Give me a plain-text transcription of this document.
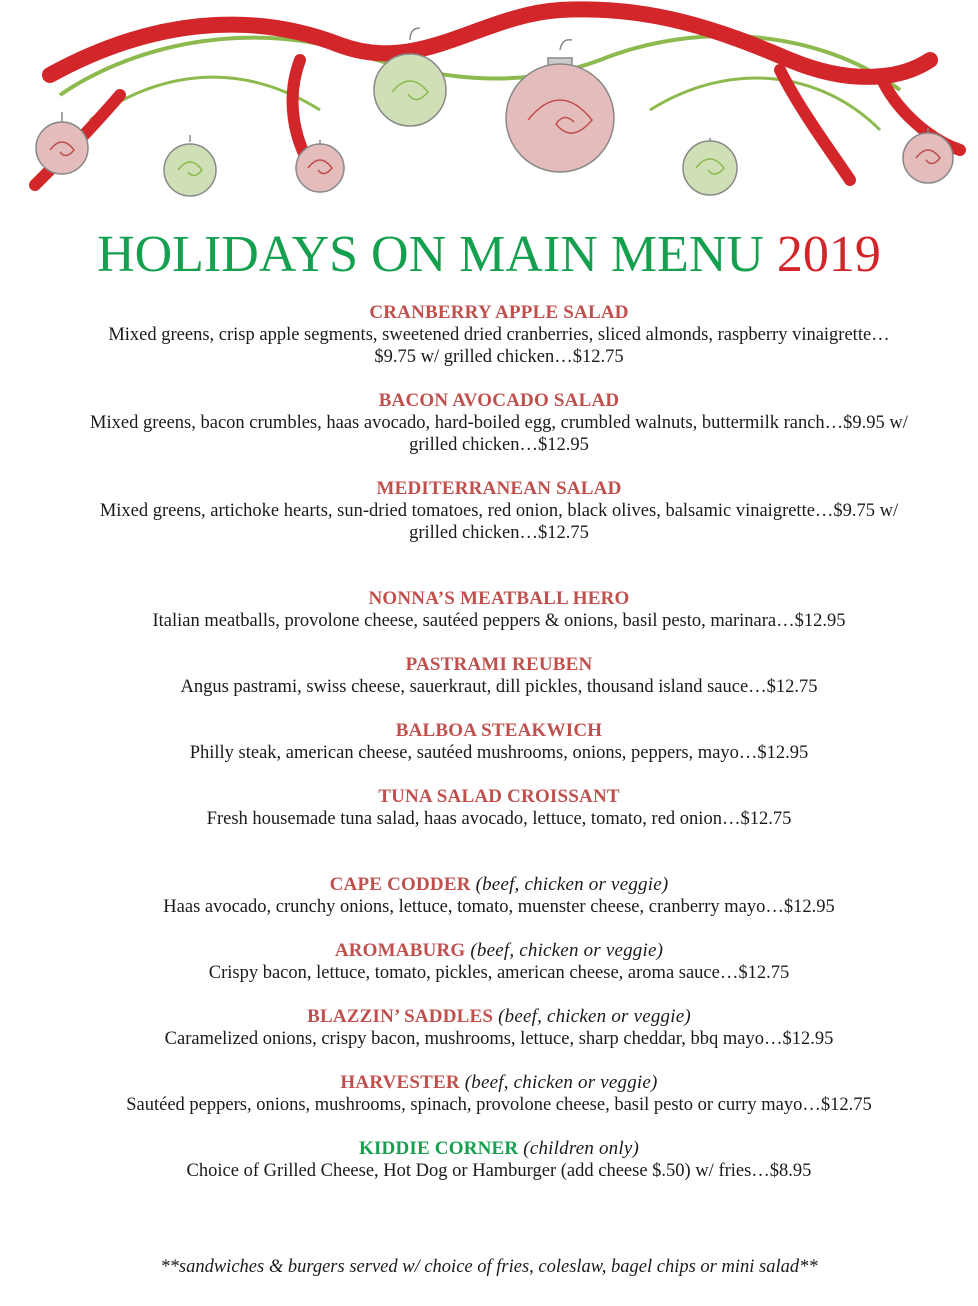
HOLIDAYS ON MAIN MENU 2019
CRANBERRY APPLE SALAD
Mixed greens, crisp apple segments, sweetened dried cranberries, sliced almonds, raspberry vinaigrette…$9.75 w/ grilled chicken…$12.75
BACON AVOCADO SALAD
Mixed greens, bacon crumbles, haas avocado, hard-boiled egg, crumbled walnuts, buttermilk ranch…$9.95 w/ grilled chicken…$12.95
MEDITERRANEAN SALAD
Mixed greens, artichoke hearts, sun-dried tomatoes, red onion, black olives, balsamic vinaigrette…$9.75 w/ grilled chicken…$12.75
NONNA’S MEATBALL HERO
Italian meatballs, provolone cheese, sautéed peppers & onions, basil pesto, marinara…$12.95
PASTRAMI REUBEN
Angus pastrami, swiss cheese, sauerkraut, dill pickles, thousand island sauce…$12.75
BALBOA STEAKWICH
Philly steak, american cheese, sautéed mushrooms, onions, peppers, mayo…$12.95
TUNA SALAD CROISSANT
Fresh housemade tuna salad, haas avocado, lettuce, tomato, red onion…$12.75
CAPE CODDER (beef, chicken or veggie)
Haas avocado, crunchy onions, lettuce, tomato, muenster cheese, cranberry mayo…$12.95
AROMABURG (beef, chicken or veggie)
Crispy bacon, lettuce, tomato, pickles, american cheese, aroma sauce…$12.75
BLAZZIN’ SADDLES (beef, chicken or veggie)
Caramelized onions, crispy bacon, mushrooms, lettuce, sharp cheddar, bbq mayo…$12.95
HARVESTER (beef, chicken or veggie)
Sautéed peppers, onions, mushrooms, spinach, provolone cheese, basil pesto or curry mayo…$12.75
KIDDIE CORNER (children only)
Choice of Grilled Cheese, Hot Dog or Hamburger (add cheese $.50) w/ fries…$8.95
**sandwiches & burgers served w/ choice of fries, coleslaw, bagel chips or mini salad**
